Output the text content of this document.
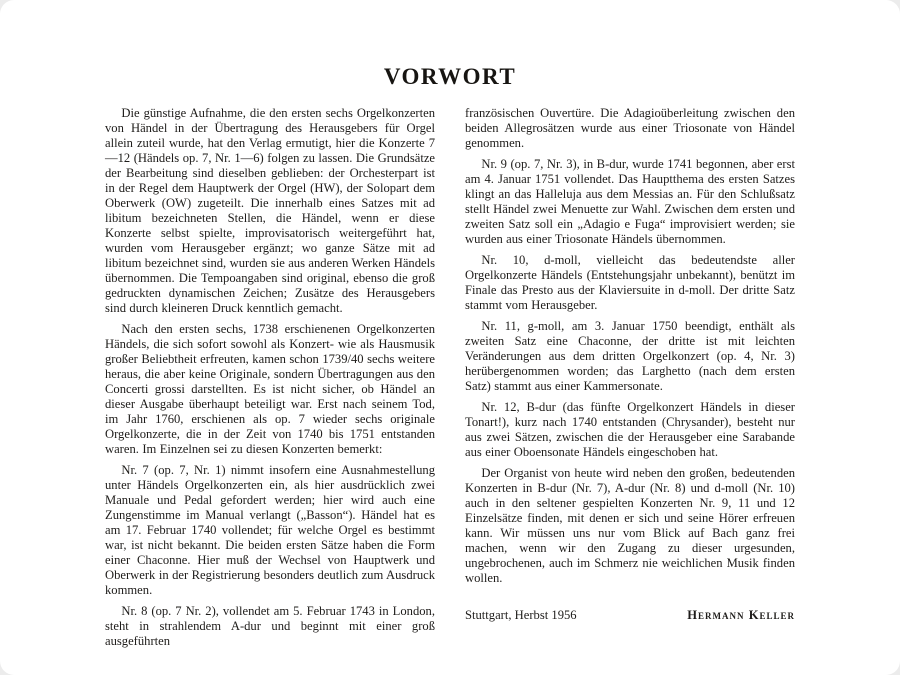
VORWORT

Die günstige Aufnahme, die den ersten sechs Orgelkonzerten von Händel in der Übertragung des Herausgebers für Orgel allein zuteil wurde, hat den Verlag ermutigt, hier die Konzerte 7—12 (Händels op. 7, Nr. 1—6) folgen zu lassen. Die Grundsätze der Bearbeitung sind dieselben geblieben: der Orchesterpart ist in der Regel dem Hauptwerk der Orgel (HW), der Solopart dem Oberwerk (OW) zugeteilt. Die innerhalb eines Satzes mit ad libitum bezeichneten Stellen, die Händel, wenn er diese Konzerte selbst spielte, improvisatorisch weitergeführt hat, wurden vom Herausgeber ergänzt; wo ganze Sätze mit ad libitum bezeichnet sind, wurden sie aus anderen Werken Händels übernommen. Die Tempoangaben sind original, ebenso die groß gedruckten dynamischen Zeichen; Zusätze des Herausgebers sind durch kleineren Druck kenntlich gemacht.

Nach den ersten sechs, 1738 erschienenen Orgelkonzerten Händels, die sich sofort sowohl als Konzert- wie als Hausmusik großer Beliebtheit erfreuten, kamen schon 1739/40 sechs weitere heraus, die aber keine Originale, sondern Übertragungen aus den Concerti grossi darstellten. Es ist nicht sicher, ob Händel an dieser Ausgabe überhaupt beteiligt war. Erst nach seinem Tod, im Jahr 1760, erschienen als op. 7 wieder sechs originale Orgelkonzerte, die in der Zeit von 1740 bis 1751 entstanden waren. Im Einzelnen sei zu diesen Konzerten bemerkt:

Nr. 7 (op. 7, Nr. 1) nimmt insofern eine Ausnahmestellung unter Händels Orgelkonzerten ein, als hier ausdrücklich zwei Manuale und Pedal gefordert werden; hier wird auch eine Zungenstimme im Manual verlangt („Basson“). Händel hat es am 17. Februar 1740 vollendet; für welche Orgel es bestimmt war, ist nicht bekannt. Die beiden ersten Sätze haben die Form einer Chaconne. Hier muß der Wechsel von Hauptwerk und Oberwerk in der Registrierung besonders deutlich zum Ausdruck kommen.

Nr. 8 (op. 7 Nr. 2), vollendet am 5. Februar 1743 in London, steht in strahlendem A-dur und beginnt mit einer groß ausgeführten

französischen Ouvertüre. Die Adagioüberleitung zwischen den beiden Allegrosätzen wurde aus einer Triosonate von Händel genommen.

Nr. 9 (op. 7, Nr. 3), in B-dur, wurde 1741 begonnen, aber erst am 4. Januar 1751 vollendet. Das Hauptthema des ersten Satzes klingt an das Halleluja aus dem Messias an. Für den Schlußsatz stellt Händel zwei Menuette zur Wahl. Zwischen dem ersten und zweiten Satz soll ein „Adagio e Fuga“ improvisiert werden; sie wurden aus einer Triosonate Händels übernommen.

Nr. 10, d-moll, vielleicht das bedeutendste aller Orgelkonzerte Händels (Entstehungsjahr unbekannt), benützt im Finale das Presto aus der Klaviersuite in d-moll. Der dritte Satz stammt vom Herausgeber.

Nr. 11, g-moll, am 3. Januar 1750 beendigt, enthält als zweiten Satz eine Chaconne, der dritte ist mit leichten Veränderungen aus dem dritten Orgelkonzert (op. 4, Nr. 3) herübergenommen worden; das Larghetto (nach dem ersten Satz) stammt aus einer Kammersonate.

Nr. 12, B-dur (das fünfte Orgelkonzert Händels in dieser Tonart!), kurz nach 1740 entstanden (Chrysander), besteht nur aus zwei Sätzen, zwischen die der Herausgeber eine Sarabande aus einer Oboensonate Händels eingeschoben hat.

Der Organist von heute wird neben den großen, bedeutenden Konzerten in B-dur (Nr. 7), A-dur (Nr. 8) und d-moll (Nr. 10) auch in den seltener gespielten Konzerten Nr. 9, 11 und 12 Einzelsätze finden, mit denen er sich und seine Hörer erfreuen kann. Wir müssen uns nur vom Blick auf Bach ganz frei machen, wenn wir den Zugang zu dieser urgesunden, ungebrochenen, auch im Schmerz nie weichlichen Musik finden wollen.

Stuttgart, Herbst 1956	Hermann Keller
